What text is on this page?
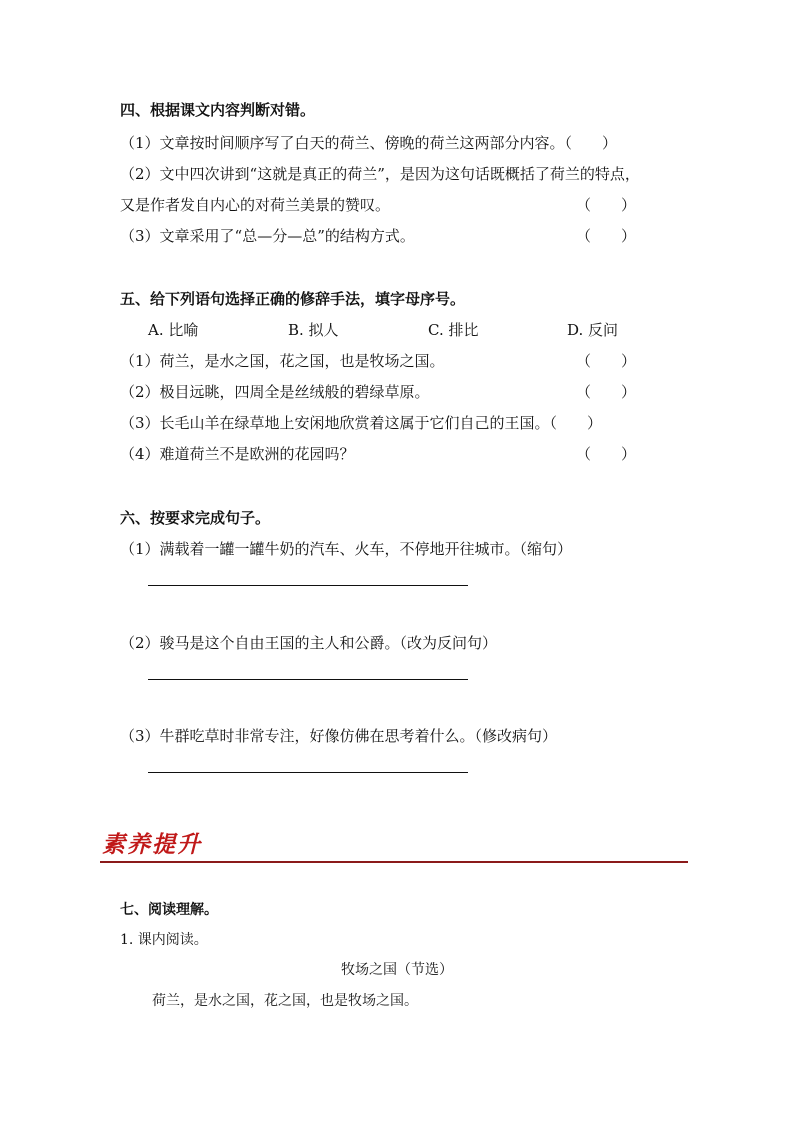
四、根据课文内容判断对错。
（1）文章按时间顺序写了白天的荷兰、傍晚的荷兰这两部分内容。（　　）
（2）文中四次讲到“这就是真正的荷兰”，是因为这句话既概括了荷兰的特点，
又是作者发自内心的对荷兰美景的赞叹。	（　　）
（3）文章采用了“总—分—总”的结构方式。	（　　）
五、给下列语句选择正确的修辞手法，填字母序号。
A. 比喻	B. 拟人	C. 排比	D. 反问
（1）荷兰，是水之国，花之国，也是牧场之国。	（　　）
（2）极目远眺，四周全是丝绒般的碧绿草原。	（　　）
（3）长毛山羊在绿草地上安闲地欣赏着这属于它们自己的王国。（　　）
（4）难道荷兰不是欧洲的花园吗？	（　　）
六、按要求完成句子。
（1）满载着一罐一罐牛奶的汽车、火车，不停地开往城市。（缩句）
（2）骏马是这个自由王国的主人和公爵。（改为反问句）
（3）牛群吃草时非常专注，好像仿佛在思考着什么。（修改病句）
素养提升
七、阅读理解。
1. 课内阅读。
牧场之国（节选）
荷兰，是水之国，花之国，也是牧场之国。
